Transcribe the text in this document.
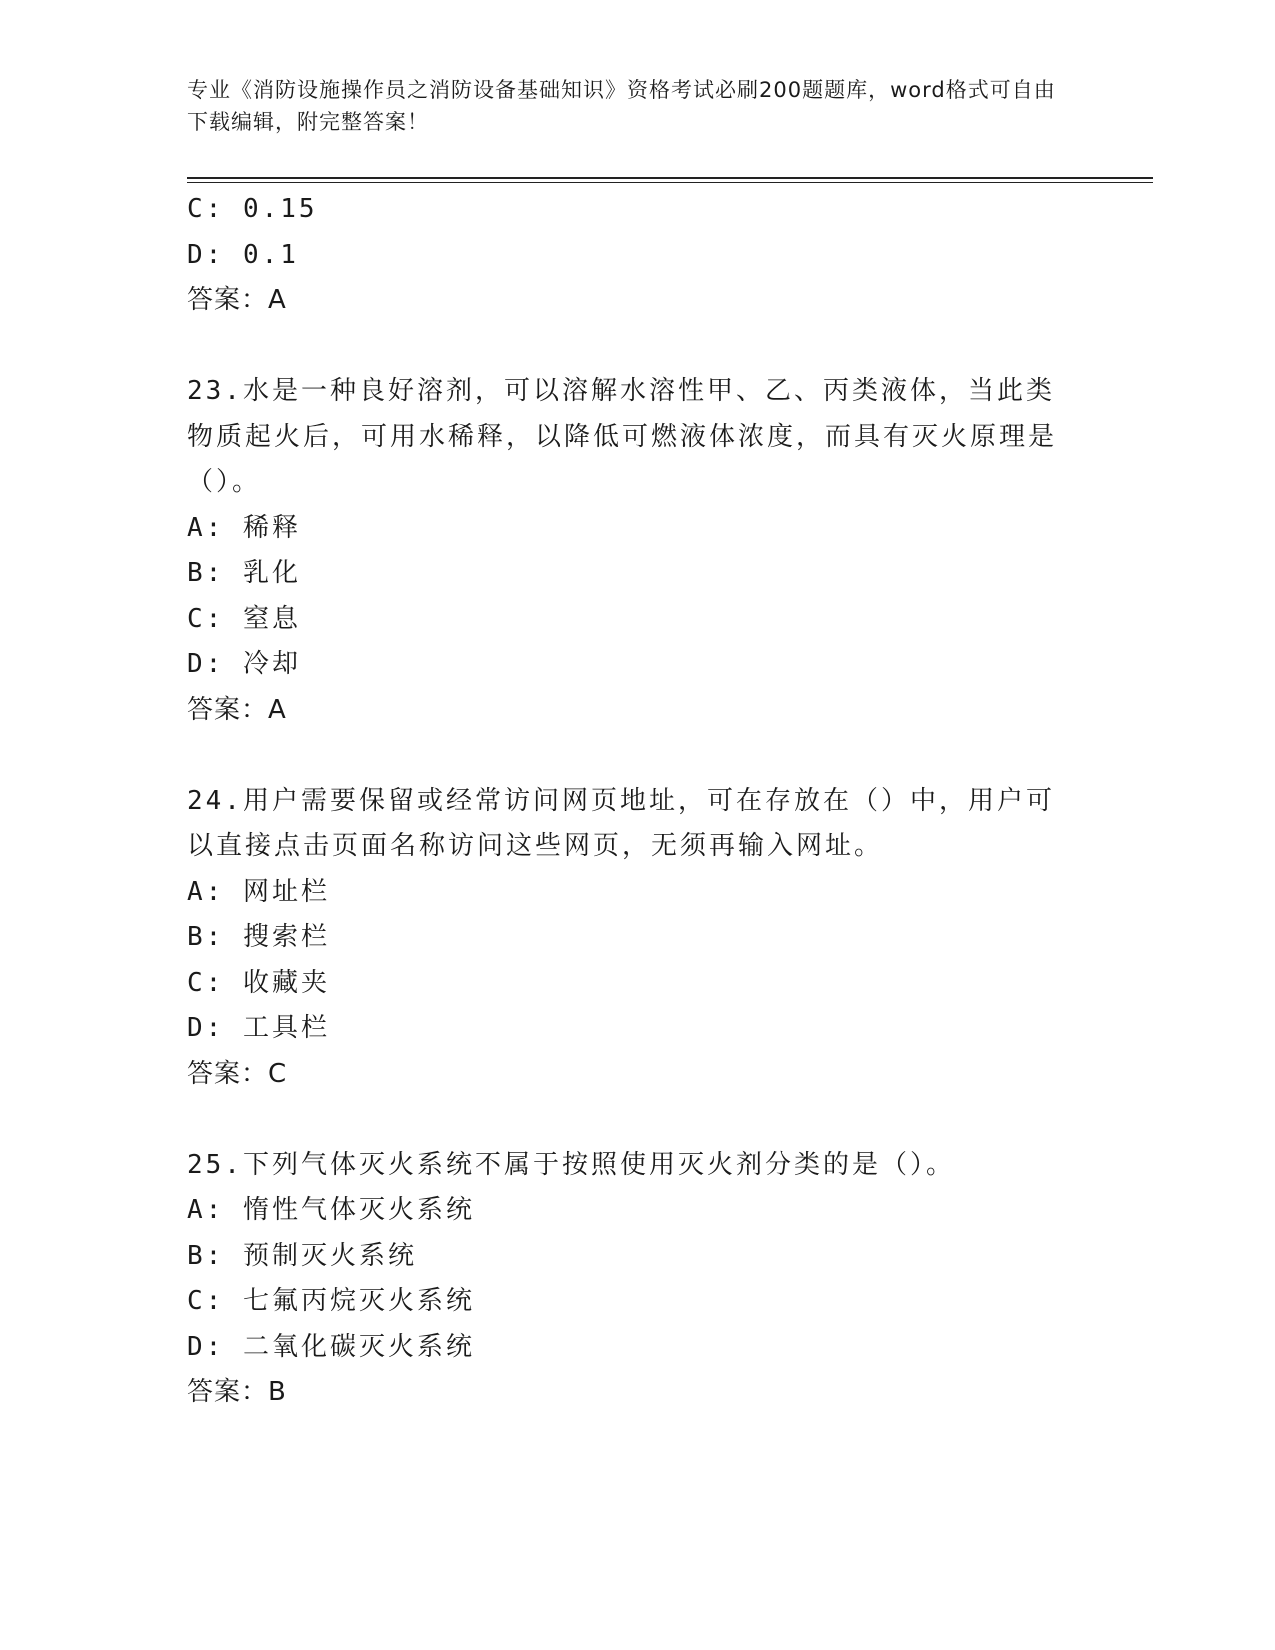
专业《消防设施操作员之消防设备基础知识》资格考试必刷200题题库，word格式可自由下载编辑，附完整答案！
C: 0.15
D: 0.1
答案：A
23.水是一种良好溶剂，可以溶解水溶性甲、乙、丙类液体，当此类物质起火后，可用水稀释，以降低可燃液体浓度，而具有灭火原理是（）。
A: 稀释
B: 乳化
C: 窒息
D: 冷却
答案：A
24.用户需要保留或经常访问网页地址，可在存放在（）中，用户可以直接点击页面名称访问这些网页，无须再输入网址。
A: 网址栏
B: 搜索栏
C: 收藏夹
D: 工具栏
答案：C
25.下列气体灭火系统不属于按照使用灭火剂分类的是（）。
A: 惰性气体灭火系统
B: 预制灭火系统
C: 七氟丙烷灭火系统
D: 二氧化碳灭火系统
答案：B
